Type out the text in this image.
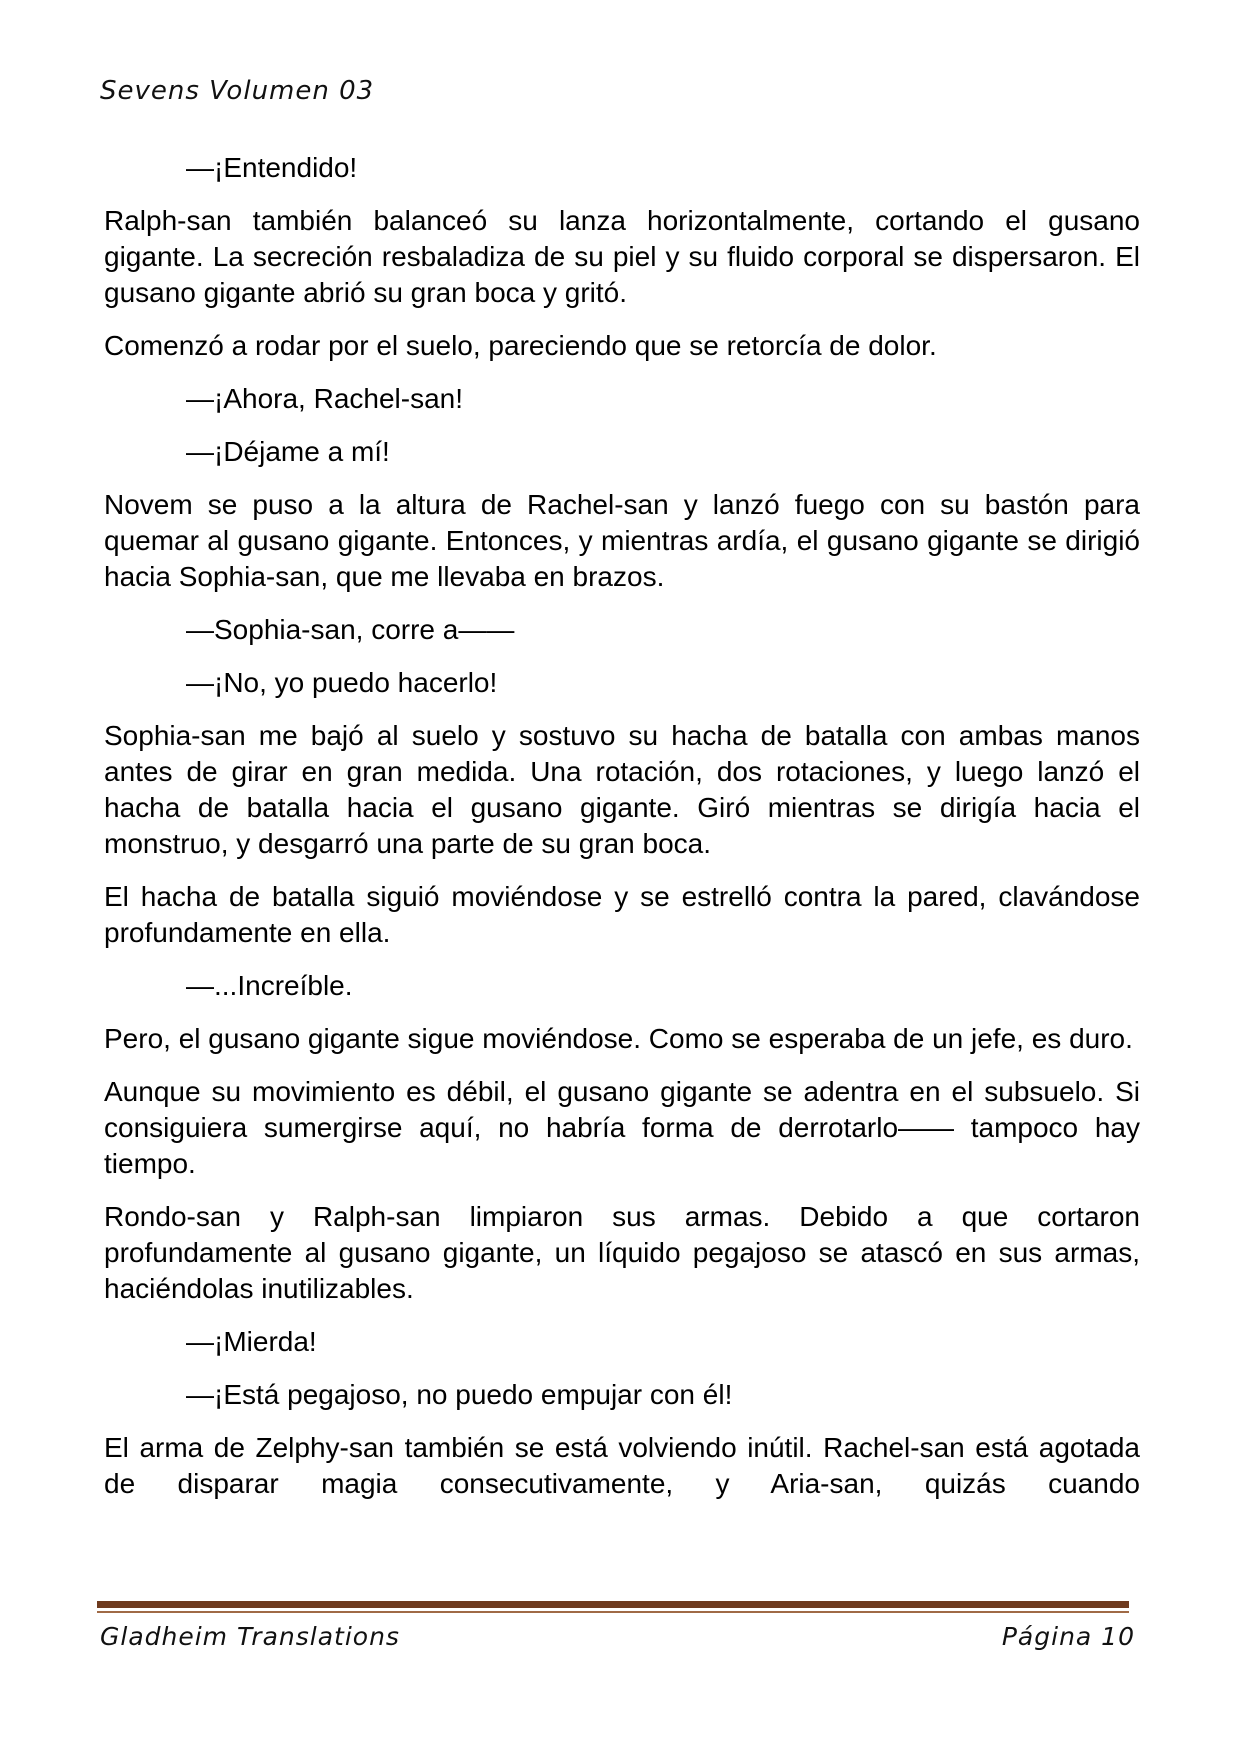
Sevens Volumen 03

—¡Entendido!

Ralph-san también balanceó su lanza horizontalmente, cortando el gusano gigante. La secreción resbaladiza de su piel y su fluido corporal se dispersaron. El gusano gigante abrió su gran boca y gritó.

Comenzó a rodar por el suelo, pareciendo que se retorcía de dolor.

—¡Ahora, Rachel-san!

—¡Déjame a mí!

Novem se puso a la altura de Rachel-san y lanzó fuego con su bastón para quemar al gusano gigante. Entonces, y mientras ardía, el gusano gigante se dirigió hacia Sophia-san, que me llevaba en brazos.

—Sophia-san, corre a——

—¡No, yo puedo hacerlo!

Sophia-san me bajó al suelo y sostuvo su hacha de batalla con ambas manos antes de girar en gran medida. Una rotación, dos rotaciones, y luego lanzó el hacha de batalla hacia el gusano gigante. Giró mientras se dirigía hacia el monstruo, y desgarró una parte de su gran boca.

El hacha de batalla siguió moviéndose y se estrelló contra la pared, clavándose profundamente en ella.

—...Increíble.

Pero, el gusano gigante sigue moviéndose. Como se esperaba de un jefe, es duro.

Aunque su movimiento es débil, el gusano gigante se adentra en el subsuelo. Si consiguiera sumergirse aquí, no habría forma de derrotarlo—— tampoco hay tiempo.

Rondo-san y Ralph-san limpiaron sus armas. Debido a que cortaron profundamente al gusano gigante, un líquido pegajoso se atascó en sus armas, haciéndolas inutilizables.

—¡Mierda!

—¡Está pegajoso, no puedo empujar con él!

El arma de Zelphy-san también se está volviendo inútil. Rachel-san está agotada de disparar magia consecutivamente, y Aria-san, quizás cuando

Gladheim Translations	Página 10
